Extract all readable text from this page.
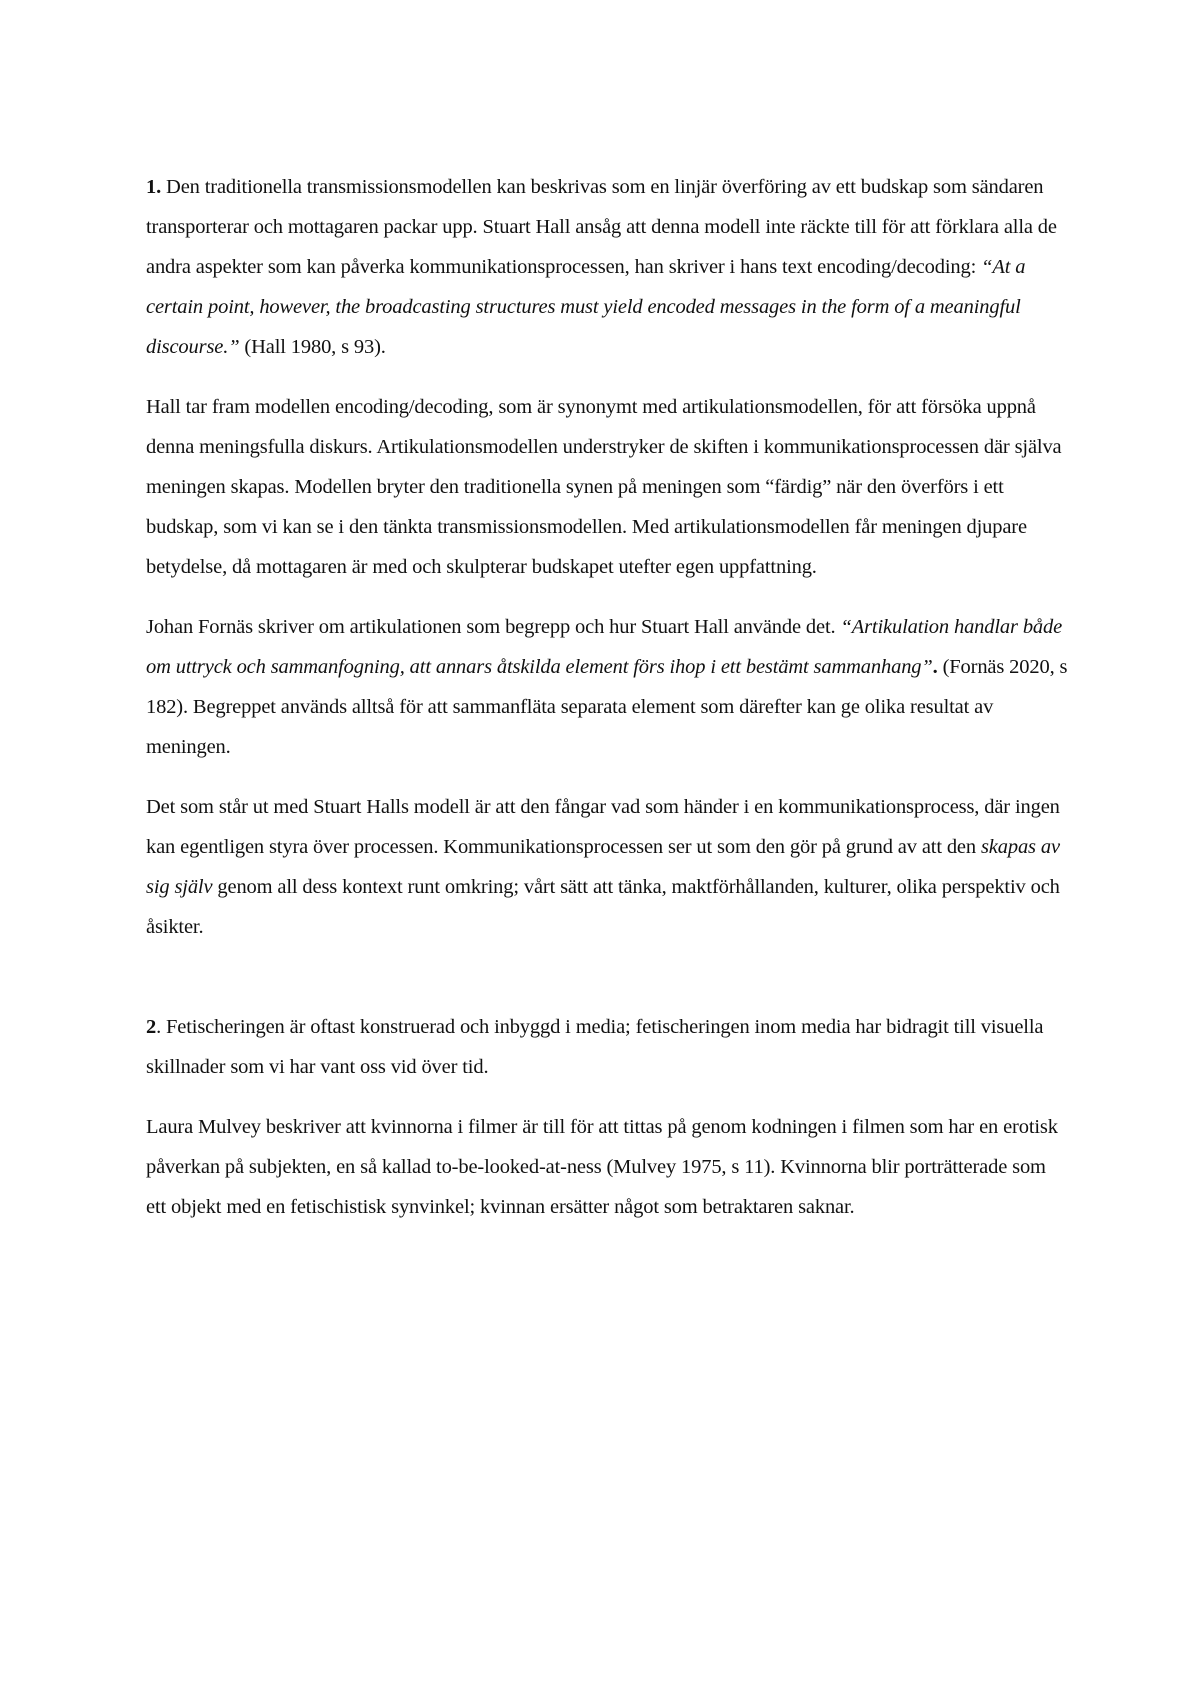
1. Den traditionella transmissionsmodellen kan beskrivas som en linjär överföring av ett budskap som sändaren transporterar och mottagaren packar upp. Stuart Hall ansåg att denna modell inte räckte till för att förklara alla de andra aspekter som kan påverka kommunikationsprocessen, han skriver i hans text encoding/decoding: “At a certain point, however, the broadcasting structures must yield encoded messages in the form of a meaningful discourse.” (Hall 1980, s 93).

Hall tar fram modellen encoding/decoding, som är synonymt med artikulationsmodellen, för att försöka uppnå denna meningsfulla diskurs. Artikulationsmodellen understryker de skiften i kommunikationsprocessen där själva meningen skapas. Modellen bryter den traditionella synen på meningen som “färdig” när den överförs i ett budskap, som vi kan se i den tänkta transmissionsmodellen. Med artikulationsmodellen får meningen djupare betydelse, då mottagaren är med och skulpterar budskapet utefter egen uppfattning.

Johan Fornäs skriver om artikulationen som begrepp och hur Stuart Hall använde det. “Artikulation handlar både om uttryck och sammanfogning, att annars åtskilda element förs ihop i ett bestämt sammanhang”. (Fornäs 2020, s 182). Begreppet används alltså för att sammanfläta separata element som därefter kan ge olika resultat av meningen.

Det som står ut med Stuart Halls modell är att den fångar vad som händer i en kommunikationsprocess, där ingen kan egentligen styra över processen. Kommunikationsprocessen ser ut som den gör på grund av att den skapas av sig själv genom all dess kontext runt omkring; vårt sätt att tänka, maktförhållanden, kulturer, olika perspektiv och åsikter.

2. Fetischeringen är oftast konstruerad och inbyggd i media; fetischeringen inom media har bidragit till visuella skillnader som vi har vant oss vid över tid.

Laura Mulvey beskriver att kvinnorna i filmer är till för att tittas på genom kodningen i filmen som har en erotisk påverkan på subjekten, en så kallad to-be-looked-at-ness (Mulvey 1975, s 11). Kvinnorna blir porträtterade som ett objekt med en fetischistisk synvinkel; kvinnan ersätter något som betraktaren saknar.
